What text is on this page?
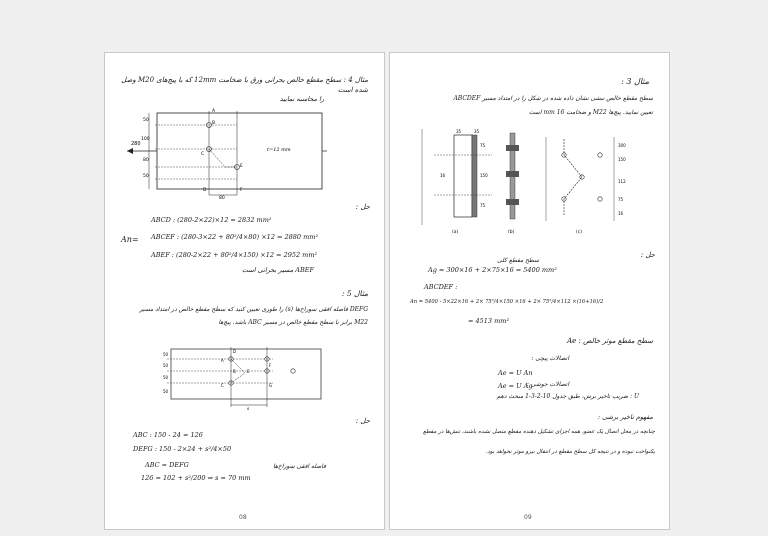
مثال 4 : سطح مقطع خالص بحرانی ورق با ضخامت 12mm که با پیچ‌های M20 وصل شده است
را محاسبه نمایید
50
100
80
50
280
t=12 mm
80
A
B
C
D
E
F
حل :
An=
ABCD : (280-2×22)×12 = 2832 mm²
ABCEF : (280-3×22 + 80²/4×80) ×12 = 2880 mm²
ABEF : (280-2×22 + 80²/4×150) ×12 = 2952 mm²
ABEF مسیر بحرانی است
مثال 5 :
DEFG فاصله افقی سوراخ‌ها (s) را طوری تعیین کنید که سطح مقطع خالص در امتداد مسیر
M22 برابر با سطح مقطع خالص در مسیر ABC باشد. پیچ‌ها
50
50
50
50
D
A
E
F
C
B
G
s
حل :
ABC : 150 - 24 = 126
DEFG : 150 - 2×24 + s²/4×50
ABC = DEFG
126 = 102 + s²/200 ⇒ s = 70 mm
فاصله افقی سوراخ‌ها
08
مثال 3 :
سطح مقطع خالص نبشی نشان داده شده در شکل را در امتداد مسیر ABCDEF
تعیین نمایید. پیچ‌ها M22 و ضخامت 16 mm است
35	35
75
150
75
16
(a)	(b)
300
150
112
75
16
(c)
حل :
سطح مقطع کلی
Ag = 300×16 + 2×75×16 = 5400 mm²
ABCDEF :
An = 5400 - 5×22×16 + 2× 75²/4×150 ×16 + 2× 75²/4×112 ×(16+16)/2
= 4513 mm²
سطح مقطع موثر خالص : Ae
اتصالات پیچی :
Ae = U An
اتصالات جوشی :
Ae = U Ag
U : ضریب تاخیر برش، طبق جدول 10-2-3-1 مبحث دهم
مفهوم تاخیر برشی :
چنانچه در محل اتصال یک عضو، همه اجزای تشکیل دهنده مقطع متصل نشده باشند، تنش‌ها در مقطع
یکنواخت نبوده و در نتیجه کل سطح مقطع در انتقال نیرو موثر نخواهد بود.
09
